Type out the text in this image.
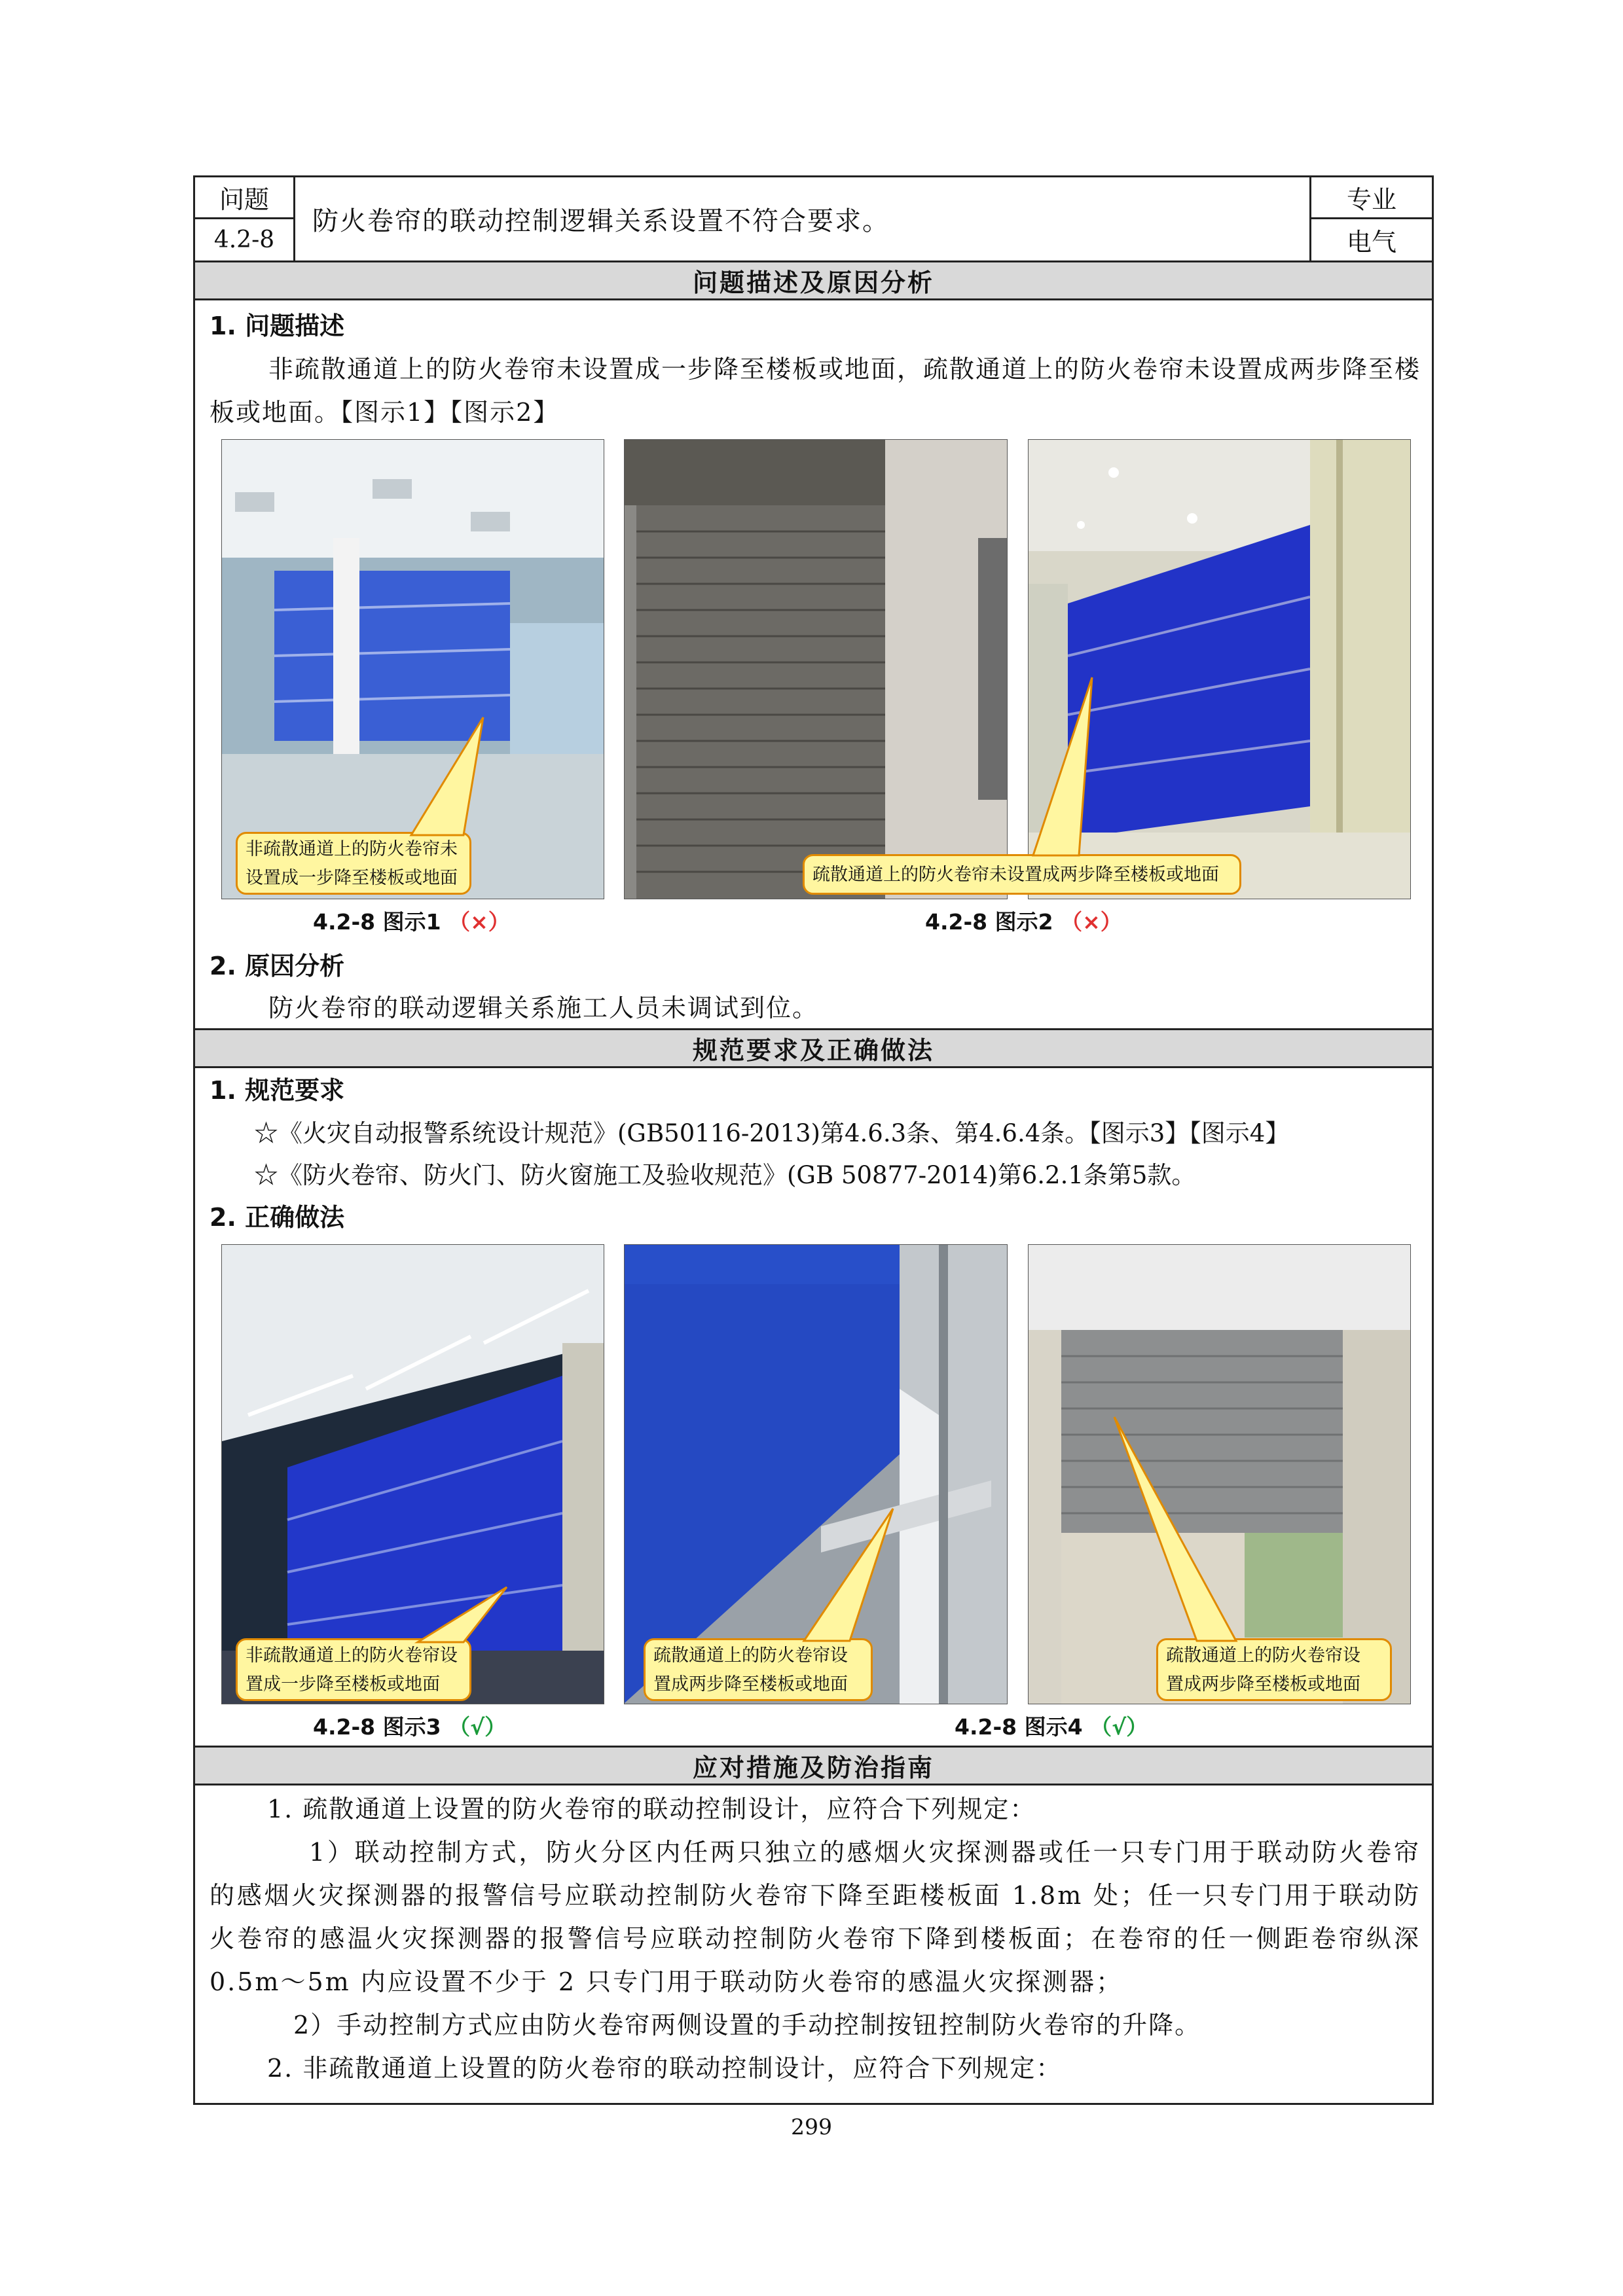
问题
4.2-8
防火卷帘的联动控制逻辑关系设置不符合要求。
专业
电气
问题描述及原因分析
1. 问题描述
非疏散通道上的防火卷帘未设置成一步降至楼板或地面，疏散通道上的防火卷帘未设置成两步降至楼板或地面。【图示1】【图示2】
非疏散通道上的防火卷帘未
设置成一步降至楼板或地面	疏散通道上的防火卷帘未设置成两步降至楼板或地面
4.2-8 图示1 （×）	4.2-8 图示2 （×）
2. 原因分析
防火卷帘的联动逻辑关系施工人员未调试到位。
规范要求及正确做法
1. 规范要求
☆《火灾自动报警系统设计规范》(GB50116-2013)第4.6.3条、第4.6.4条。【图示3】【图示4】
☆《防火卷帘、防火门、防火窗施工及验收规范》(GB 50877-2014)第6.2.1条第5款。
2. 正确做法
非疏散通道上的防火卷帘设
置成一步降至楼板或地面
疏散通道上的防火卷帘设
置成两步降至楼板或地面
疏散通道上的防火卷帘设
置成两步降至楼板或地面
4.2-8 图示3 （√）	4.2-8 图示4 （√）
应对措施及防治指南
1. 疏散通道上设置的防火卷帘的联动控制设计，应符合下列规定：
1）联动控制方式，防火分区内任两只独立的感烟火灾探测器或任一只专门用于联动防火卷帘的感烟火灾探测器的报警信号应联动控制防火卷帘下降至距楼板面 1.8m 处；任一只专门用于联动防火卷帘的感温火灾探测器的报警信号应联动控制防火卷帘下降到楼板面；在卷帘的任一侧距卷帘纵深 0.5m～5m 内应设置不少于 2 只专门用于联动防火卷帘的感温火灾探测器；
2）手动控制方式应由防火卷帘两侧设置的手动控制按钮控制防火卷帘的升降。
2. 非疏散通道上设置的防火卷帘的联动控制设计，应符合下列规定：
299
